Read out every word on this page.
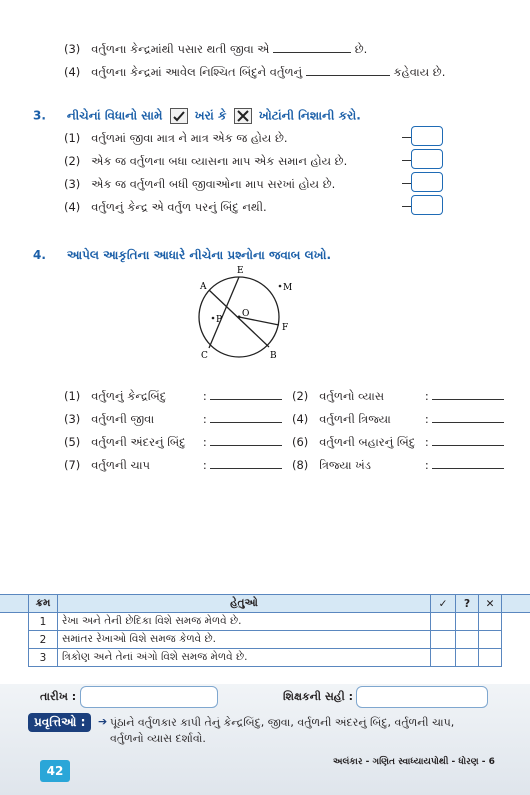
(3) વર્તુળના કેન્દ્રમાંથી પસાર થતી જીવા એ	છે.
(4) વર્તુળના કેન્દ્રમાં આવેલ નિશ્ચિત બિંદુને વર્તુળનું	કહેવાય છે.
3. નીચેનાં વિધાનો સામે	ખરાં કે	ખોટાંની નિશાની કરો.
(1) વર્તુળમાં જીવા માત્ર ને માત્ર એક જ હોય છે.
(2) એક જ વર્તુળના બધા વ્યાસના માપ એક સમાન હોય છે.
(3) એક જ વર્તુળની બધી જીવાઓના માપ સરખાં હોય છે.
(4) વર્તુળનું કેન્દ્ર એ વર્તુળ પરનું બિંદુ નથી.
4. આપેલ આકૃતિના આધારે નીચેના પ્રશ્નોના જવાબ લખો.
A
E
M
P
O
F
C	B
(1) વર્તુળનું કેન્દ્રબિંદુ	:	(2) વર્તુળનો વ્યાસ	:
(3) વર્તુળની જીવા	:	(4) વર્તુળની ત્રિજ્યા	:
(5) વર્તુળની અંદરનું બિંદુ :	(6) વર્તુળની બહારનું બિંદુ :
(7) વર્તુળની ચાપ	:	(8) ત્રિજ્યા ખંડ	:
	ક્રમ	હેતુઓ	✓	?	✕	
	1	રેખા અને તેની છેદિકા વિશે સમજ મેળવે છે.				
	2	સમાંતર રેખાઓ વિશે સમજ કેળવે છે.				
	3	ત્રિકોણ અને તેનાં અંગો વિશે સમજ મેળવે છે.				
તારીખ :	શિક્ષકની સહી :
પ્રવૃત્તિઓ :	➔ પૂંઠાને વર્તુળકાર કાપી તેનું કેન્દ્રબિંદુ, જીવા, વર્તુળની અંદરનું બિંદુ, વર્તુળની ચાપ,
વર્તુળનો વ્યાસ દર્શાવો.
42
અલંકાર - ગણિત સ્વાધ્યાયપોથી - ધોરણ - 6
